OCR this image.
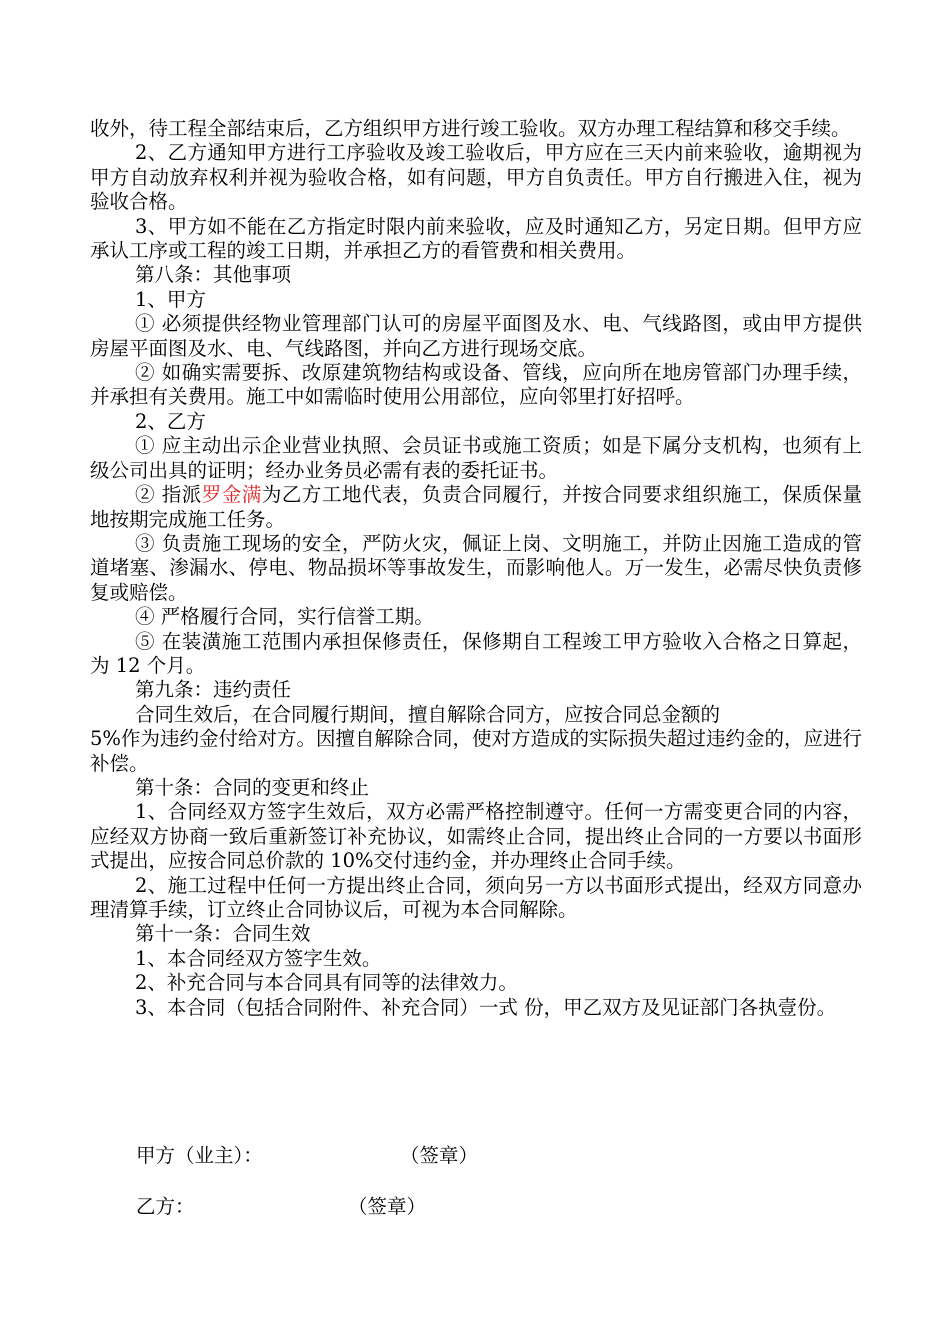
收外，待工程全部结束后，乙方组织甲方进行竣工验收。双方办理工程结算和移交手续。

2、乙方通知甲方进行工序验收及竣工验收后，甲方应在三天内前来验收，逾期视为甲方自动放弃权利并视为验收合格，如有问题，甲方自负责任。甲方自行搬进入住，视为验收合格。

3、甲方如不能在乙方指定时限内前来验收，应及时通知乙方，另定日期。但甲方应承认工序或工程的竣工日期，并承担乙方的看管费和相关费用。

第八条：其他事项

1、甲方

① 必须提供经物业管理部门认可的房屋平面图及水、电、气线路图，或由甲方提供房屋平面图及水、电、气线路图，并向乙方进行现场交底。

② 如确实需要拆、改原建筑物结构或设备、管线，应向所在地房管部门办理手续，并承担有关费用。施工中如需临时使用公用部位，应向邻里打好招呼。

2、乙方

① 应主动出示企业营业执照、会员证书或施工资质；如是下属分支机构，也须有上级公司出具的证明；经办业务员必需有表的委托证书。

② 指派罗金满为乙方工地代表，负责合同履行，并按合同要求组织施工，保质保量地按期完成施工任务。

③ 负责施工现场的安全，严防火灾，佩证上岗、文明施工，并防止因施工造成的管道堵塞、渗漏水、停电、物品损坏等事故发生，而影响他人。万一发生，必需尽快负责修复或赔偿。

④ 严格履行合同，实行信誉工期。

⑤ 在装潢施工范围内承担保修责任，保修期自工程竣工甲方验收入合格之日算起，为 12 个月。

第九条：违约责任

合同生效后，在合同履行期间，擅自解除合同方，应按合同总金额的

5%作为违约金付给对方。因擅自解除合同，使对方造成的实际损失超过违约金的，应进行补偿。

第十条：合同的变更和终止

1、合同经双方签字生效后，双方必需严格控制遵守。任何一方需变更合同的内容，应经双方协商一致后重新签订补充协议，如需终止合同，提出终止合同的一方要以书面形式提出，应按合同总价款的 10%交付违约金，并办理终止合同手续。

2、施工过程中任何一方提出终止合同，须向另一方以书面形式提出，经双方同意办理清算手续，订立终止合同协议后，可视为本合同解除。

第十一条：合同生效

1、本合同经双方签字生效。

2、补充合同与本合同具有同等的法律效力。

3、本合同（包括合同附件、补充合同）一式 份，甲乙双方及见证部门各执壹份。

甲方（业主）：	（签章）
乙方：	（签章）
